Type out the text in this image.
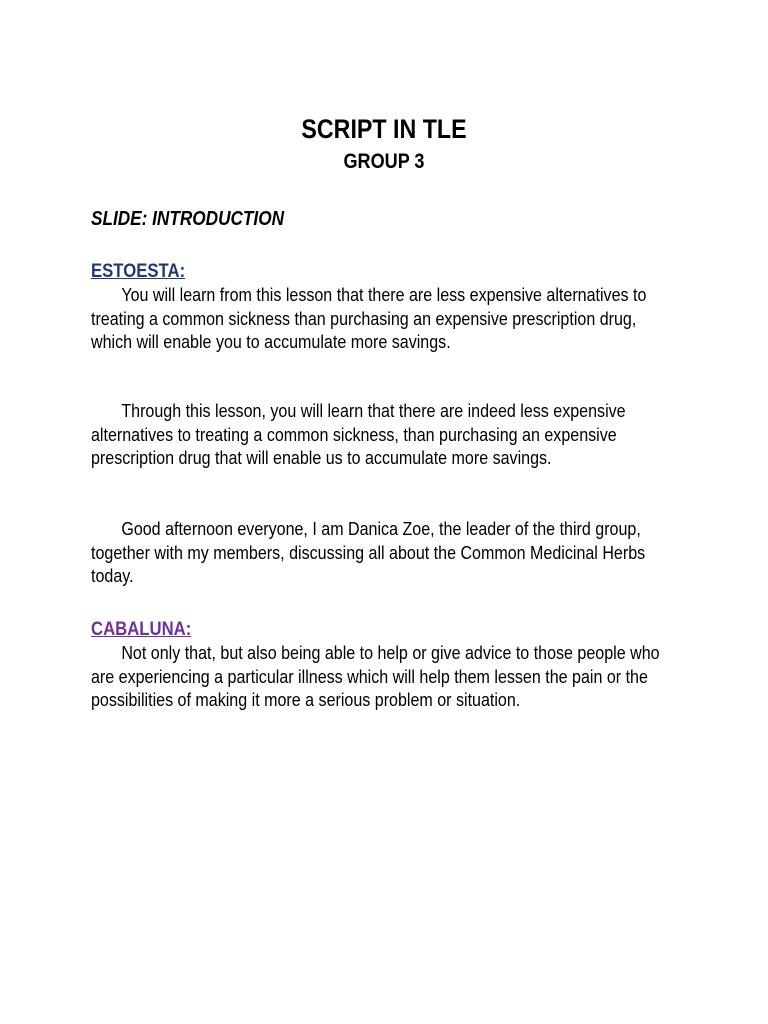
SCRIPT IN TLE
GROUP 3
SLIDE: INTRODUCTION
ESTOESTA:

You will learn from this lesson that there are less expensive alternatives to treating a common sickness than purchasing an expensive prescription drug, which will enable you to accumulate more savings.

Through this lesson, you will learn that there are indeed less expensive alternatives to treating a common sickness, than purchasing an expensive prescription drug that will enable us to accumulate more savings.

Good afternoon everyone, I am Danica Zoe, the leader of the third group, together with my members, discussing all about the Common Medicinal Herbs today.

CABALUNA:

Not only that, but also being able to help or give advice to those people who are experiencing a particular illness which will help them lessen the pain or the possibilities of making it more a serious problem or situation.
